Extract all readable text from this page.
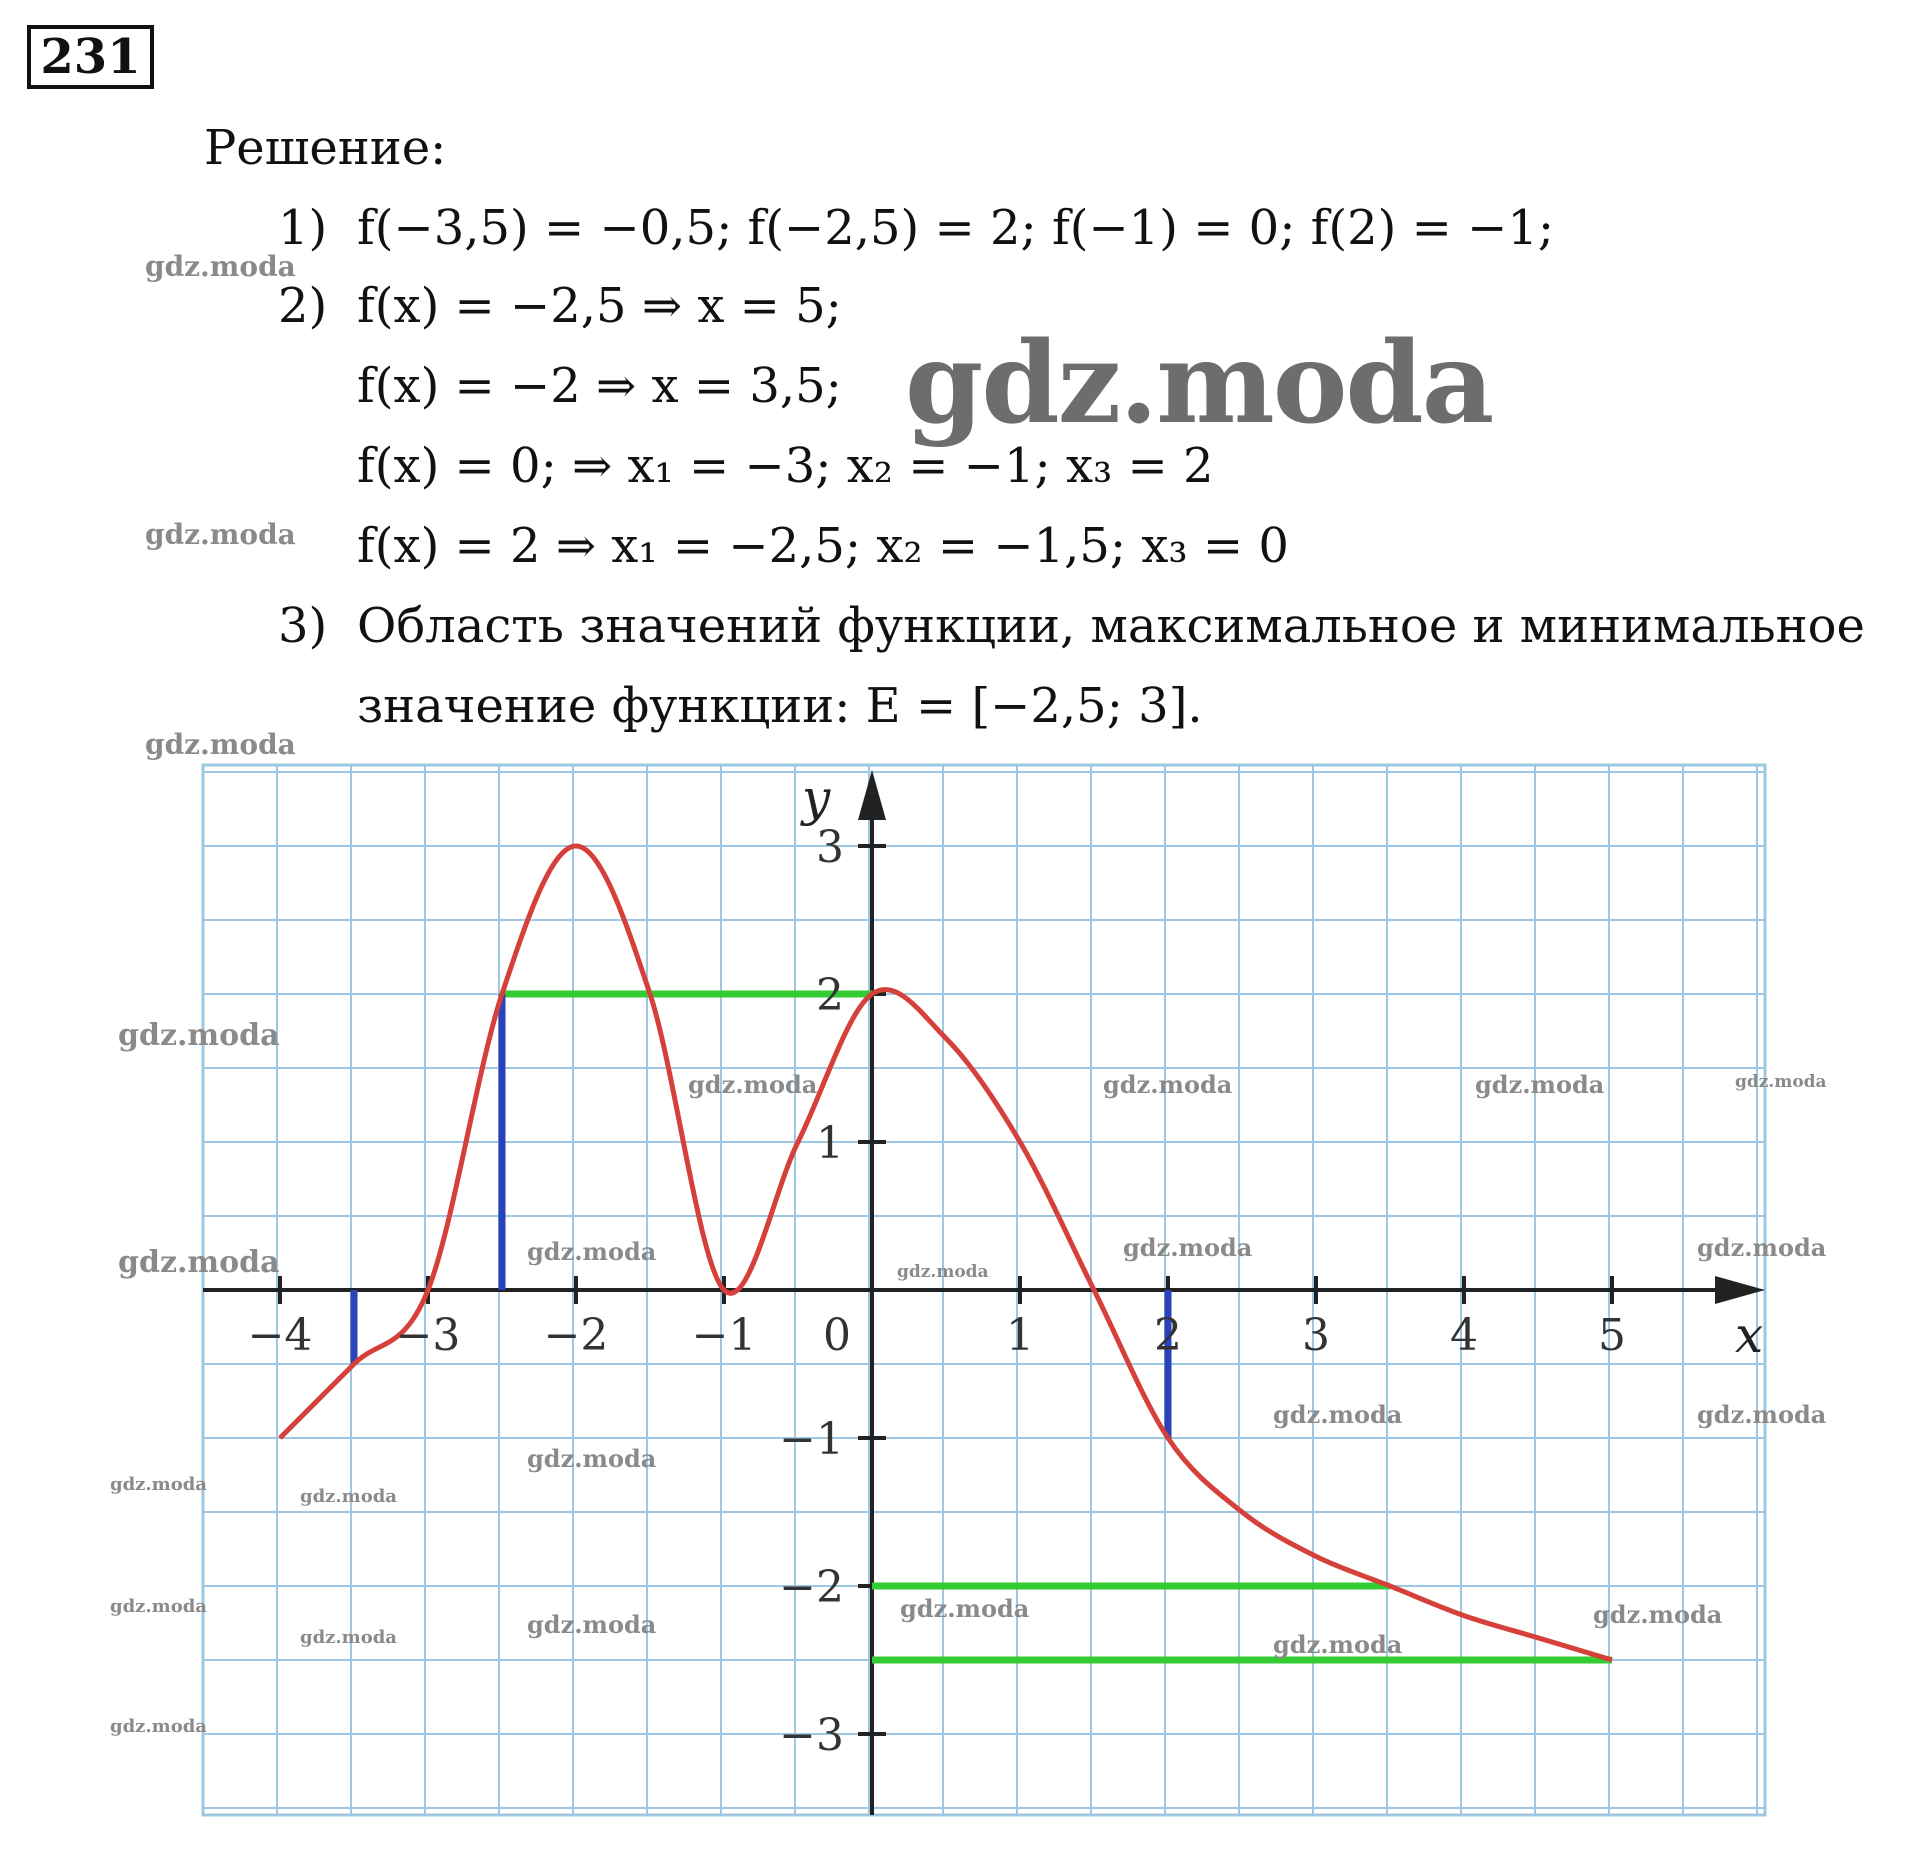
231
Решение:
1) f(−3,5) = −0,5; f(−2,5) = 2; f(−1) = 0; f(2) = −1;
2) f(x) = −2,5 ⇒ x = 5;
f(x) = −2 ⇒ x = 3,5;
f(x) = 0; ⇒ x₁ = −3; x₂ = −1; x₃ = 2
f(x) = 2 ⇒ x₁ = −2,5; x₂ = −1,5; x₃ = 0
3) Область значений функции, максимальное и минимальное
значение функции: E = [−2,5; 3].
gdz.moda
gdz.moda
gdz.moda
gdz.moda
−4 −3 −2 −1 0	1	2	3	4	5
3
2
1
−1
−2
−3
x
y
gdz.moda
gdz.moda
gdz.moda
gdz.moda
gdz.moda
gdz.moda	gdz.moda	gdz.moda	gdz.moda
gdz.moda
gdz.moda
gdz.moda	gdz.moda
gdz.moda	gdz.moda
gdz.moda
gdz.moda
gdz.moda
gdz.moda
gdz.moda	gdz.moda
gdz.moda
